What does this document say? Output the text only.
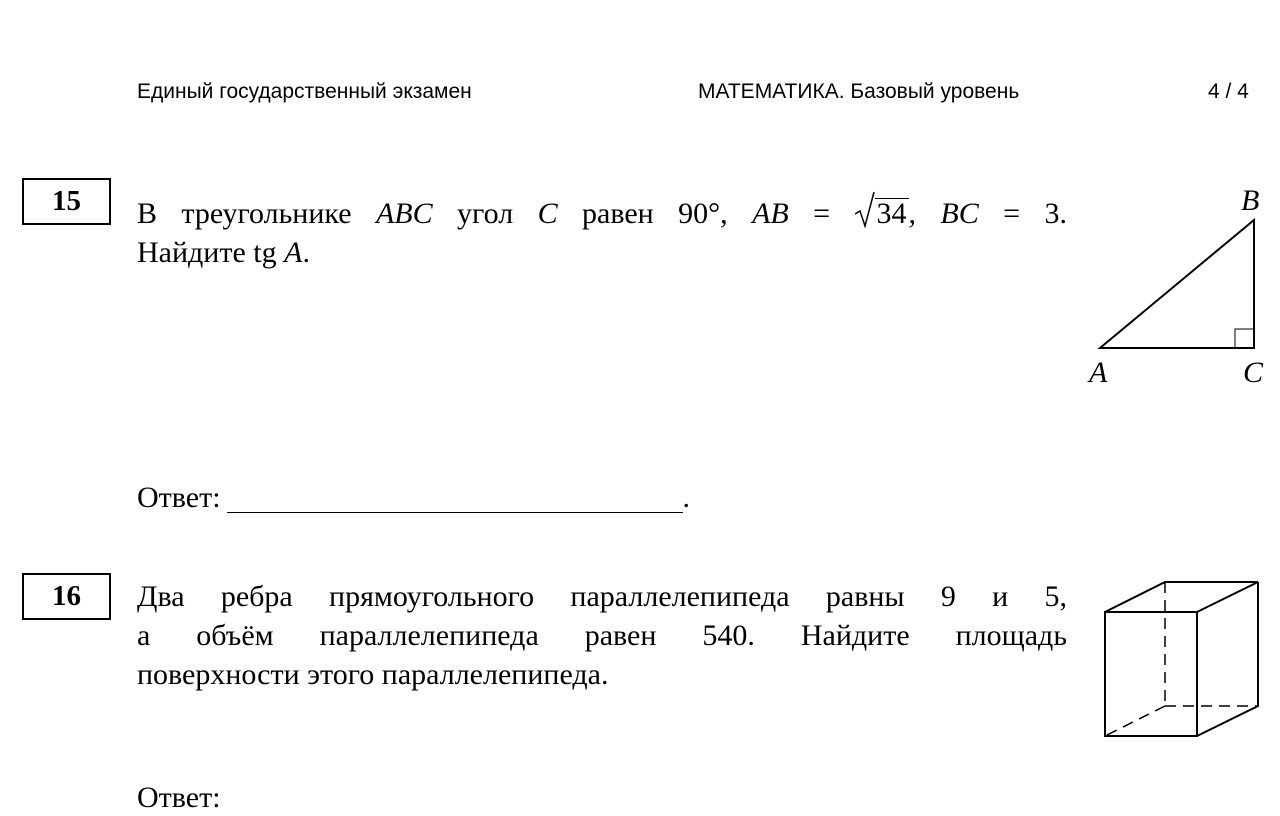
Единый государственный экзамен	МАТЕМАТИКА. Базовый уровень	4 / 4
15	В треугольнике ABC угол C равен 90°, AB =
34, BC = 3.

Найдите tg A.

B
A	C
Ответ:	.
16	Два ребра прямоугольного параллелепипеда равны 9 и 5,

а объём параллелепипеда равен 540. Найдите площадь

поверхности этого параллелепипеда.

Ответ:
